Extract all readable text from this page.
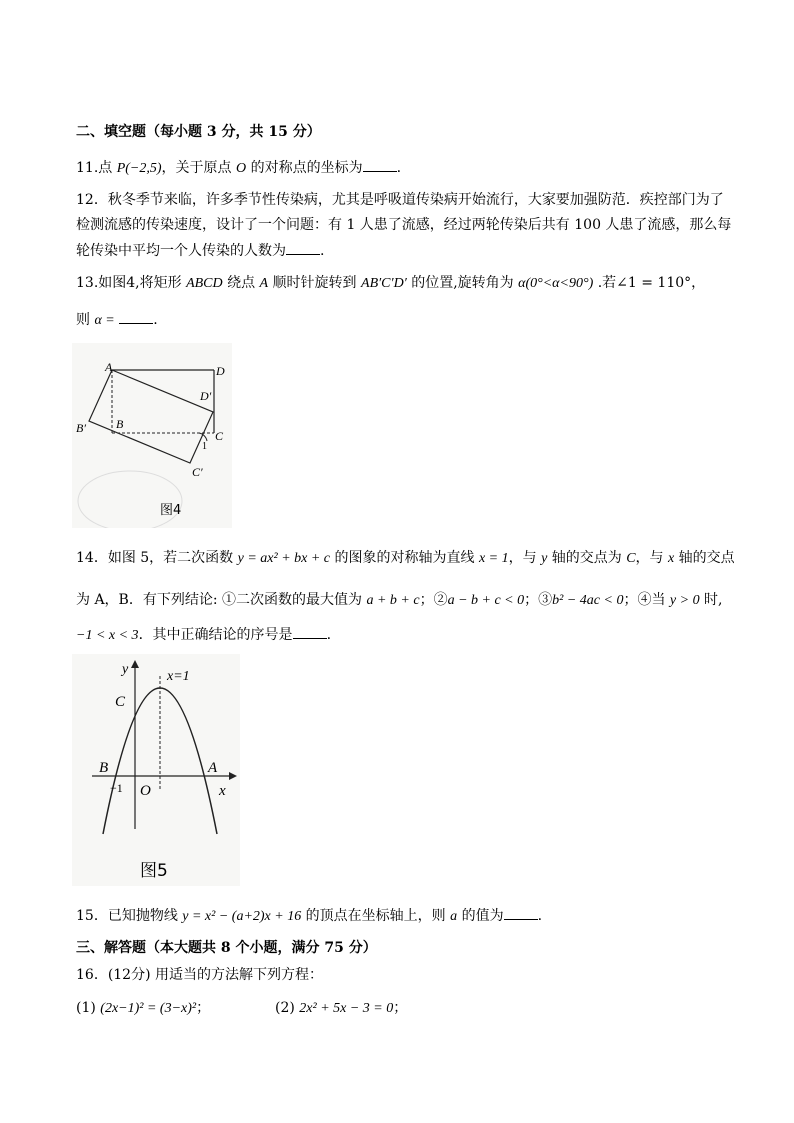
二、填空题（每小题 3 分，共 15 分）
11.点 P(−2,5)，关于原点 O 的对称点的坐标为 .
12．秋冬季节来临，许多季节性传染病，尤其是呼吸道传染病开始流行，大家要加强防范．疾控部门为了
检测流感的传染速度，设计了一个问题：有 1 人患了流感，经过两轮传染后共有 100 人患了流感，那么每
轮传染中平均一个人传染的人数为 .
13.如图4,将矩形 ABCD 绕点 A 顺时针旋转到 AB′C′D′ 的位置,旋转角为 α(0°<α<90°) .若∠1 = 110°，
则 α =	.
A	D
D′
B
B′
C
C′
1
图4
14．如图 5，若二次函数 y = ax² + bx + c 的图象的对称轴为直线 x = 1，与 y 轴的交点为 C，与 x 轴的交点
为 A，B．有下列结论: ①二次函数的最大值为 a + b + c；②a − b + c < 0；③b² − 4ac < 0；④当 y > 0 时,
−1 < x < 3．其中正确结论的序号是 .
y	x=1
C
B	A
−1 O	x
图5
15．已知抛物线 y = x² − (a+2)x + 16 的顶点在坐标轴上，则 a 的值为 .
三、解答题（本大题共 8 个小题，满分 75 分）
16．(12分) 用适当的方法解下列方程：
(1) (2x−1)² = (3−x)²；	(2) 2x² + 5x − 3 = 0；
